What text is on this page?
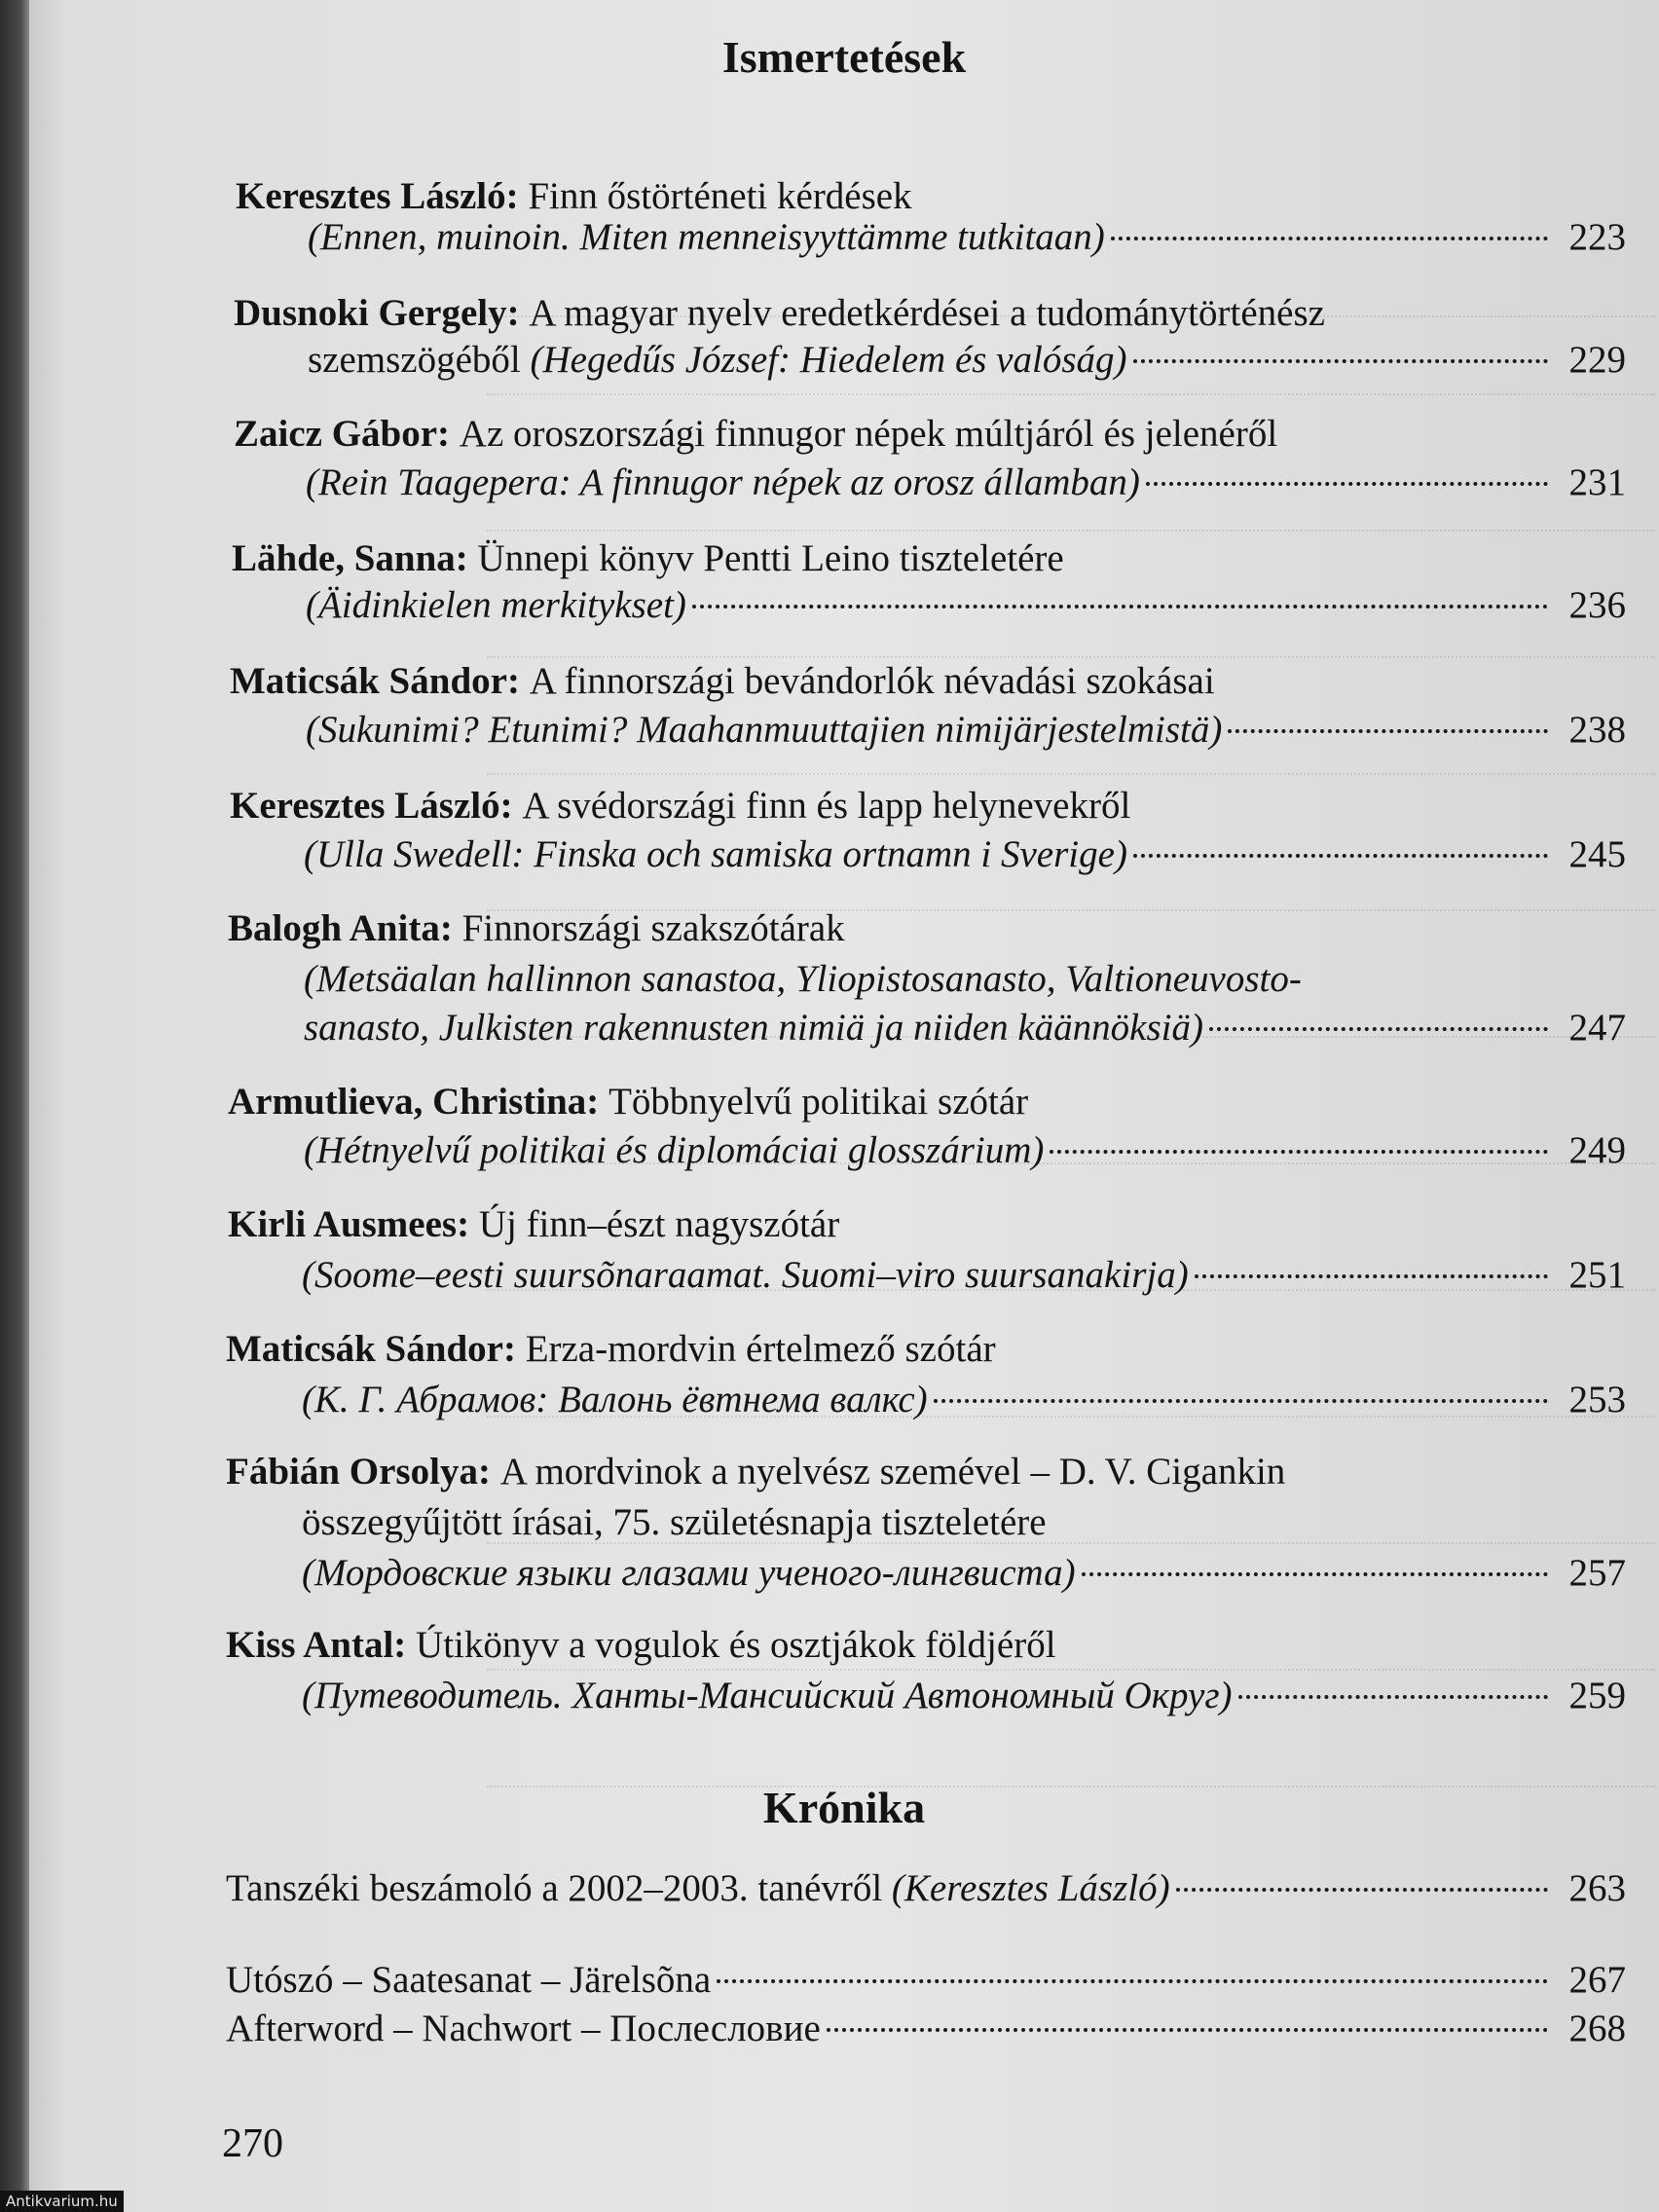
Ismertetések
Keresztes László:
Finn őstörténeti kérdések
(Ennen, muinoin. Miten menneisyyttämme tutkitaan)	223
Dusnoki Gergely:
A magyar nyelv eredetkérdései a tudománytörténész
szemszögéből
(Hegedűs József: Hiedelem és valóság)	229
Zaicz Gábor:
Az oroszországi finnugor népek múltjáról és jelenéről
(Rein Taagepera: A finnugor népek az orosz államban)	231
Lähde, Sanna:
Ünnepi könyv Pentti Leino tiszteletére
(Äidinkielen merkitykset)	236
Maticsák Sándor:
A finnországi bevándorlók névadási szokásai
(Sukunimi? Etunimi? Maahanmuuttajien nimijärjestelmistä)	238
Keresztes László:
A svédországi finn és lapp helynevekről
(Ulla Swedell: Finska och samiska ortnamn i Sverige)	245
Balogh Anita:
Finnországi szakszótárak
(Metsäalan hallinnon sanastoa, Yliopistosanasto, Valtioneuvosto-
sanasto, Julkisten rakennusten nimiä ja niiden käännöksiä)	247
Armutlieva, Christina:
Többnyelvű politikai szótár
(Hétnyelvű politikai és diplomáciai glosszárium)	249
Kirli Ausmees:
Új finn–észt nagyszótár
(Soome–eesti suursõnaraamat. Suomi–viro suursanakirja)	251
Maticsák Sándor:
Erza-mordvin értelmező szótár
(К. Г. Абрамов: Валонь ёвтнема валкс)	253
Fábián Orsolya:
A mordvinok a nyelvész szemével – D. V. Cigankin
összegyűjtött írásai, 75. születésnapja tiszteletére
(Мордовские языки глазами ученого-лингвиста)	257
Kiss Antal:
Útikönyv a vogulok és osztjákok földjéről
(Путеводитель. Ханты-Мансийский Автономный Округ)	259
Krónika
Tanszéki beszámoló a 2002–2003. tanévről
(Keresztes László)	263
Utószó – Saatesanat – Järelsõna	267
Afterword – Nachwort – Послесловие	268
270
Antikvarium.hu
